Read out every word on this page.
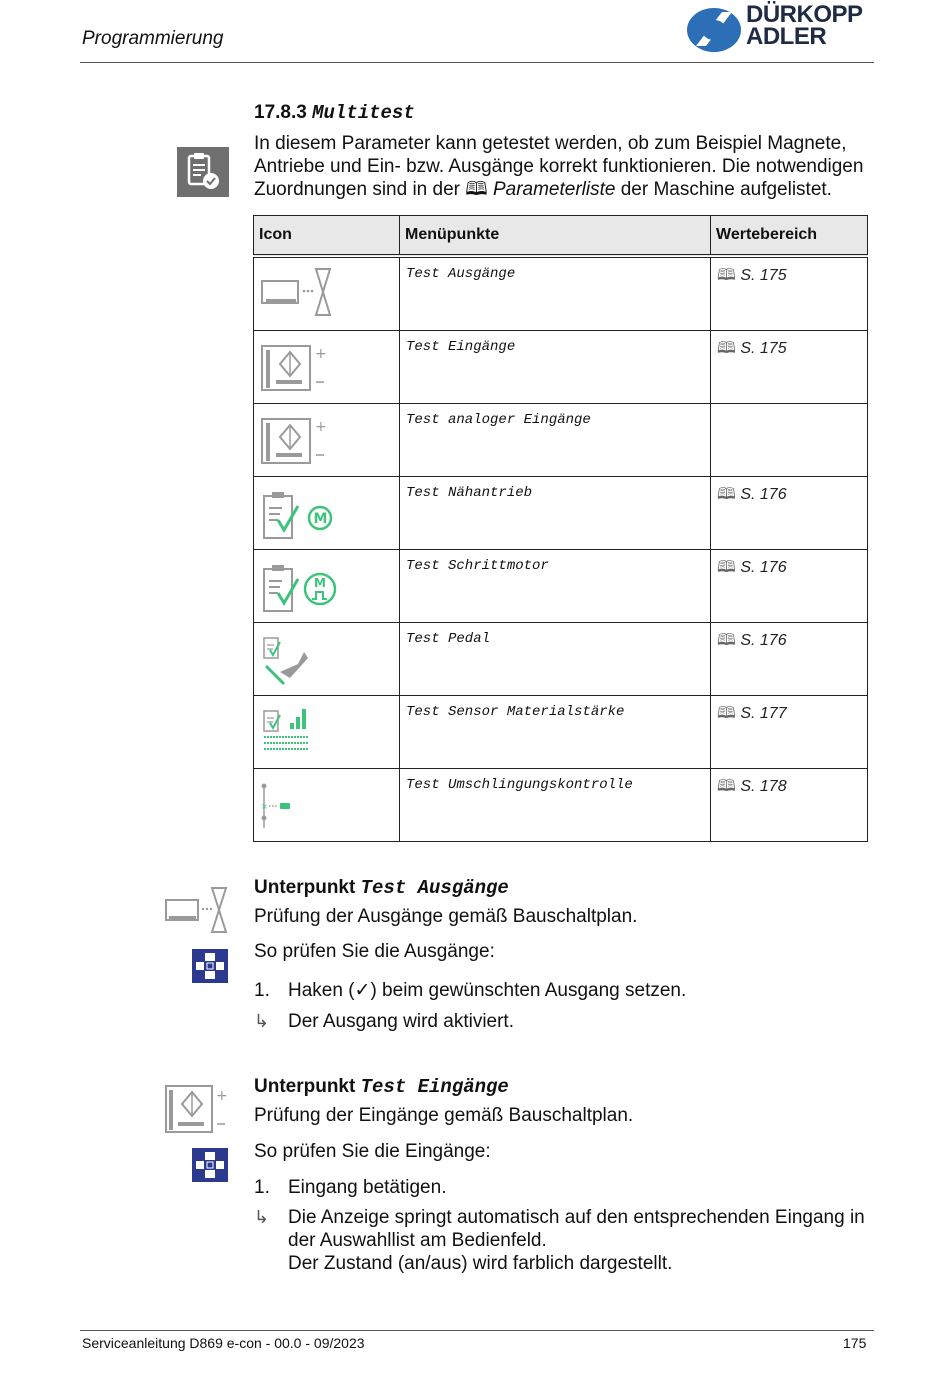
Programmierung
DÜRKOPP
ADLER
17.8.3 Multitest
In diesem Parameter kann getestet werden, ob zum Beispiel Magnete, Antriebe und Ein- bzw. Ausgänge korrekt funktionieren. Die notwendigen Zuordnungen sind in der 🕮 Parameterliste der Maschine aufgelistet.
Icon	Menüpunkte	Wertebereich

Test Ausgänge	🕮 S. 175

+	Test Eingänge	🕮 S. 175

+	Test analoger Eingänge	

M	Test Nähantrieb	🕮 S. 176

M	Test Schrittmotor	🕮 S. 176

Test Pedal	🕮 S. 176

Test Sensor Materialstärke	🕮 S. 177

×	Test Umschlingungskontrolle	🕮 S. 178
Unterpunkt Test Ausgänge
Prüfung der Ausgänge gemäß Bauschaltplan.
So prüfen Sie die Ausgänge:
1. Haken (✓) beim gewünschten Ausgang setzen.
↳ Der Ausgang wird aktiviert.
+ Unterpunkt Test Eingänge
Prüfung der Eingänge gemäß Bauschaltplan.
So prüfen Sie die Eingänge:
1. Eingang betätigen.
↳ Die Anzeige springt automatisch auf den entsprechenden Eingang in der Auswahllist am Bedienfeld.
Der Zustand (an/aus) wird farblich dargestellt.
Serviceanleitung D869 e-con - 00.0 - 09/2023	175
